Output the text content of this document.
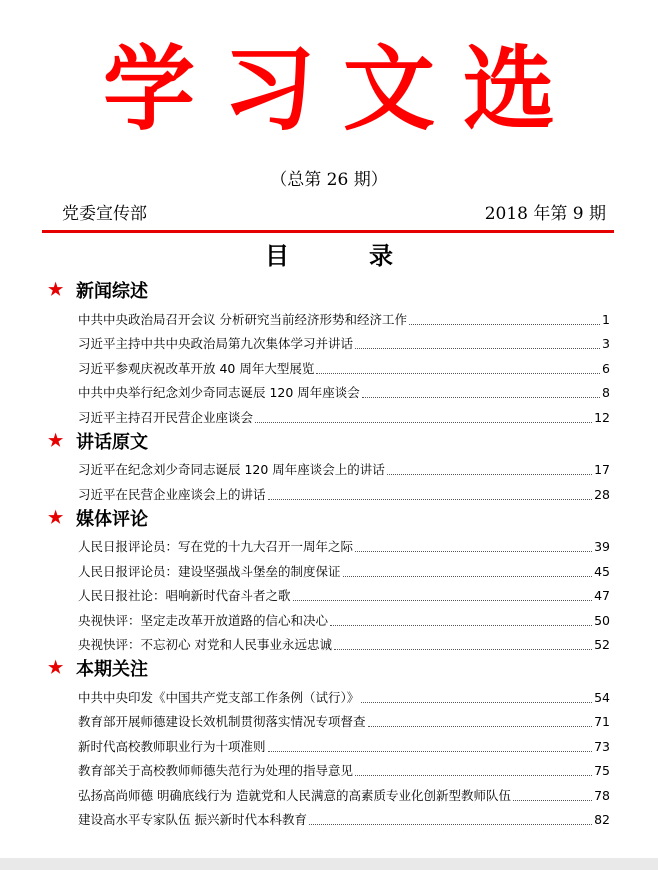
学习文选
（总第 26 期）
党委宣传部	2018 年第 9 期
目　录
★ 新闻综述
中共中央政治局召开会议 分析研究当前经济形势和经济工作	1
习近平主持中共中央政治局第九次集体学习并讲话	3
习近平参观庆祝改革开放 40 周年大型展览	6
中共中央举行纪念刘少奇同志诞辰 120 周年座谈会	8
习近平主持召开民营企业座谈会	12
★ 讲话原文
习近平在纪念刘少奇同志诞辰 120 周年座谈会上的讲话	17
习近平在民营企业座谈会上的讲话	28
★ 媒体评论
人民日报评论员：写在党的十九大召开一周年之际	39
人民日报评论员：建设坚强战斗堡垒的制度保证	45
人民日报社论：唱响新时代奋斗者之歌	47
央视快评：坚定走改革开放道路的信心和决心	50
央视快评：不忘初心 对党和人民事业永远忠诚	52
★ 本期关注
中共中央印发《中国共产党支部工作条例（试行）》	54
教育部开展师德建设长效机制贯彻落实情况专项督查	71
新时代高校教师职业行为十项准则	73
教育部关于高校教师师德失范行为处理的指导意见	75
弘扬高尚师德 明确底线行为 造就党和人民满意的高素质专业化创新型教师队伍	78
建设高水平专家队伍 振兴新时代本科教育	82
